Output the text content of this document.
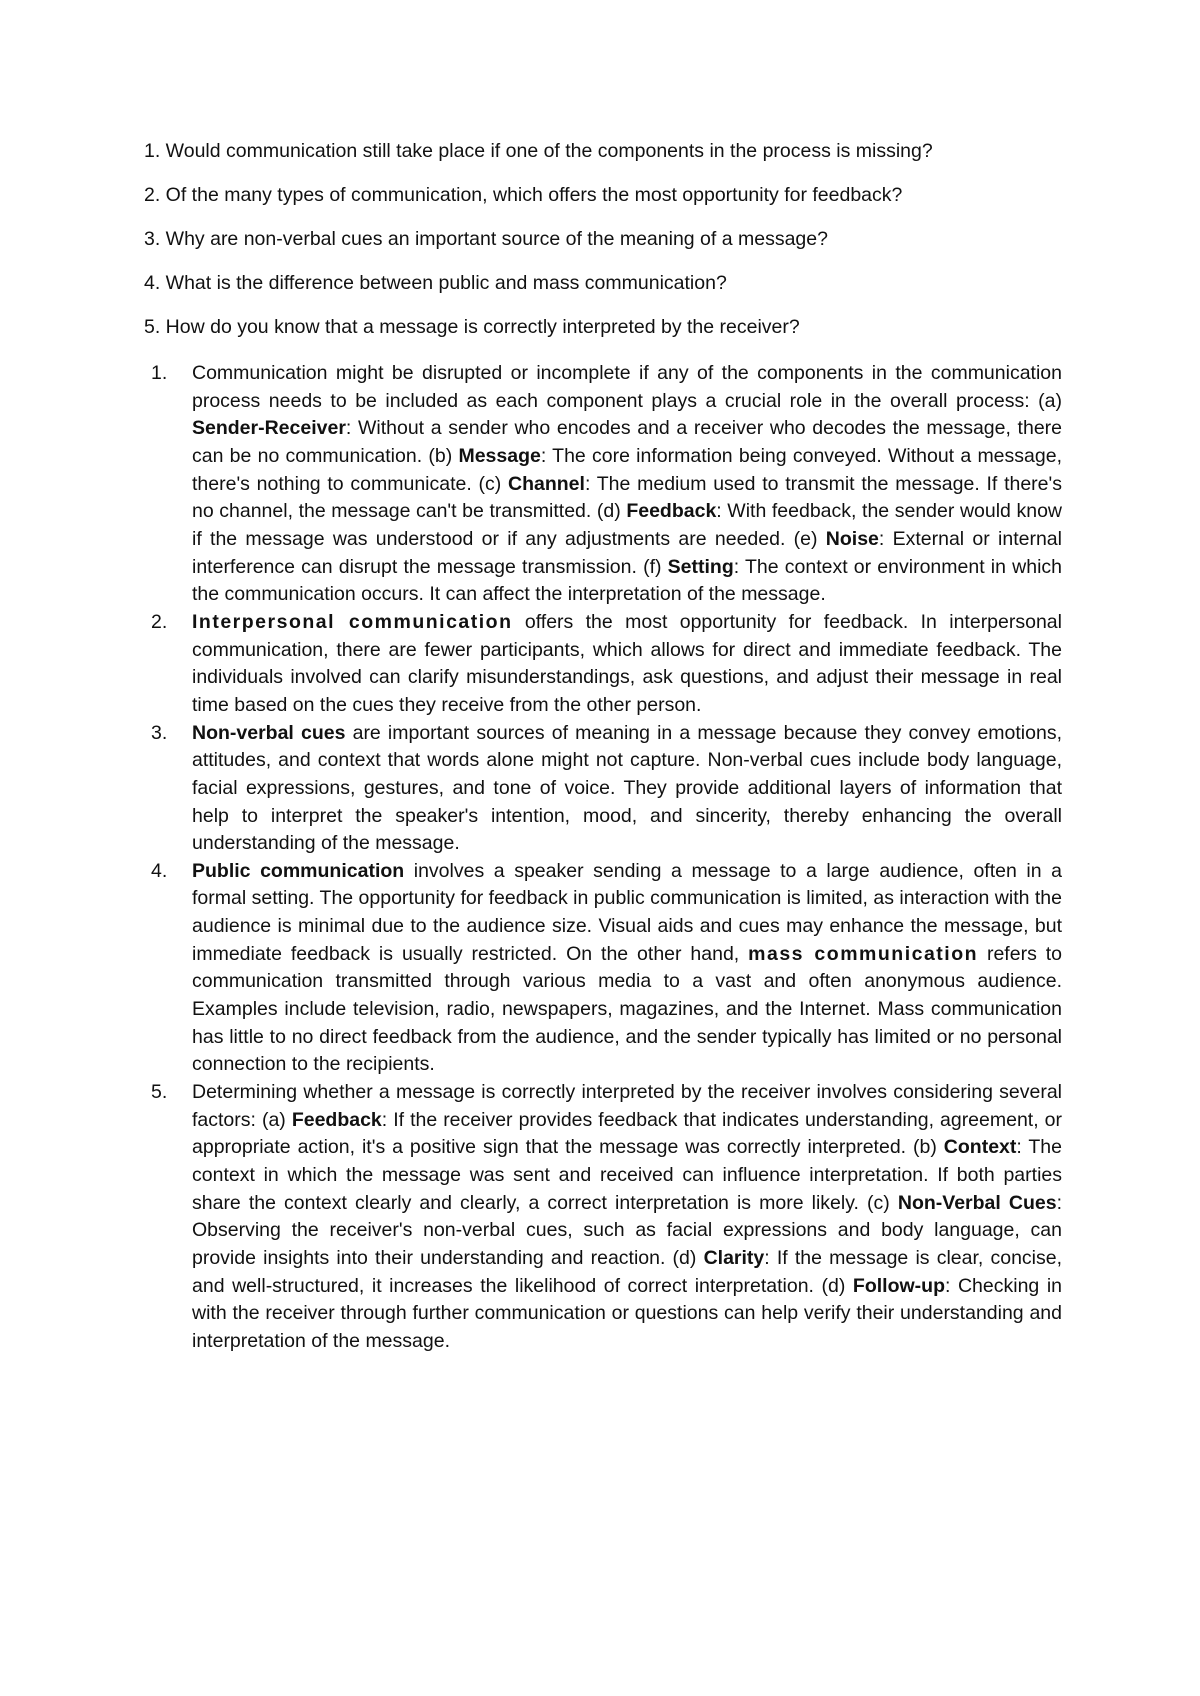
1. Would communication still take place if one of the components in the process is missing?
2. Of the many types of communication, which offers the most opportunity for feedback?
3. Why are non-verbal cues an important source of the meaning of a message?
4. What is the difference between public and mass communication?
5. How do you know that a message is correctly interpreted by the receiver?
1. Communication might be disrupted or incomplete if any of the components in the communication process needs to be included as each component plays a crucial role in the overall process: (a) Sender-Receiver: Without a sender who encodes and a receiver who decodes the message, there can be no communication. (b) Message: The core information being conveyed. Without a message, there's nothing to communicate. (c) Channel: The medium used to transmit the message. If there's no channel, the message can't be transmitted. (d) Feedback: With feedback, the sender would know if the message was understood or if any adjustments are needed. (e) Noise: External or internal interference can disrupt the message transmission. (f) Setting: The context or environment in which the communication occurs. It can affect the interpretation of the message.
2. Interpersonal communication offers the most opportunity for feedback. In interpersonal communication, there are fewer participants, which allows for direct and immediate feedback. The individuals involved can clarify misunderstandings, ask questions, and adjust their message in real time based on the cues they receive from the other person.
3. Non-verbal cues are important sources of meaning in a message because they convey emotions, attitudes, and context that words alone might not capture. Non-verbal cues include body language, facial expressions, gestures, and tone of voice. They provide additional layers of information that help to interpret the speaker's intention, mood, and sincerity, thereby enhancing the overall understanding of the message.
4. Public communication involves a speaker sending a message to a large audience, often in a formal setting. The opportunity for feedback in public communication is limited, as interaction with the audience is minimal due to the audience size. Visual aids and cues may enhance the message, but immediate feedback is usually restricted. On the other hand, mass communication refers to communication transmitted through various media to a vast and often anonymous audience. Examples include television, radio, newspapers, magazines, and the Internet. Mass communication has little to no direct feedback from the audience, and the sender typically has limited or no personal connection to the recipients.
5. Determining whether a message is correctly interpreted by the receiver involves considering several factors: (a) Feedback: If the receiver provides feedback that indicates understanding, agreement, or appropriate action, it's a positive sign that the message was correctly interpreted. (b) Context: The context in which the message was sent and received can influence interpretation. If both parties share the context clearly and clearly, a correct interpretation is more likely. (c) Non-Verbal Cues: Observing the receiver's non-verbal cues, such as facial expressions and body language, can provide insights into their understanding and reaction. (d) Clarity: If the message is clear, concise, and well-structured, it increases the likelihood of correct interpretation. (d) Follow-up: Checking in with the receiver through further communication or questions can help verify their understanding and interpretation of the message.
